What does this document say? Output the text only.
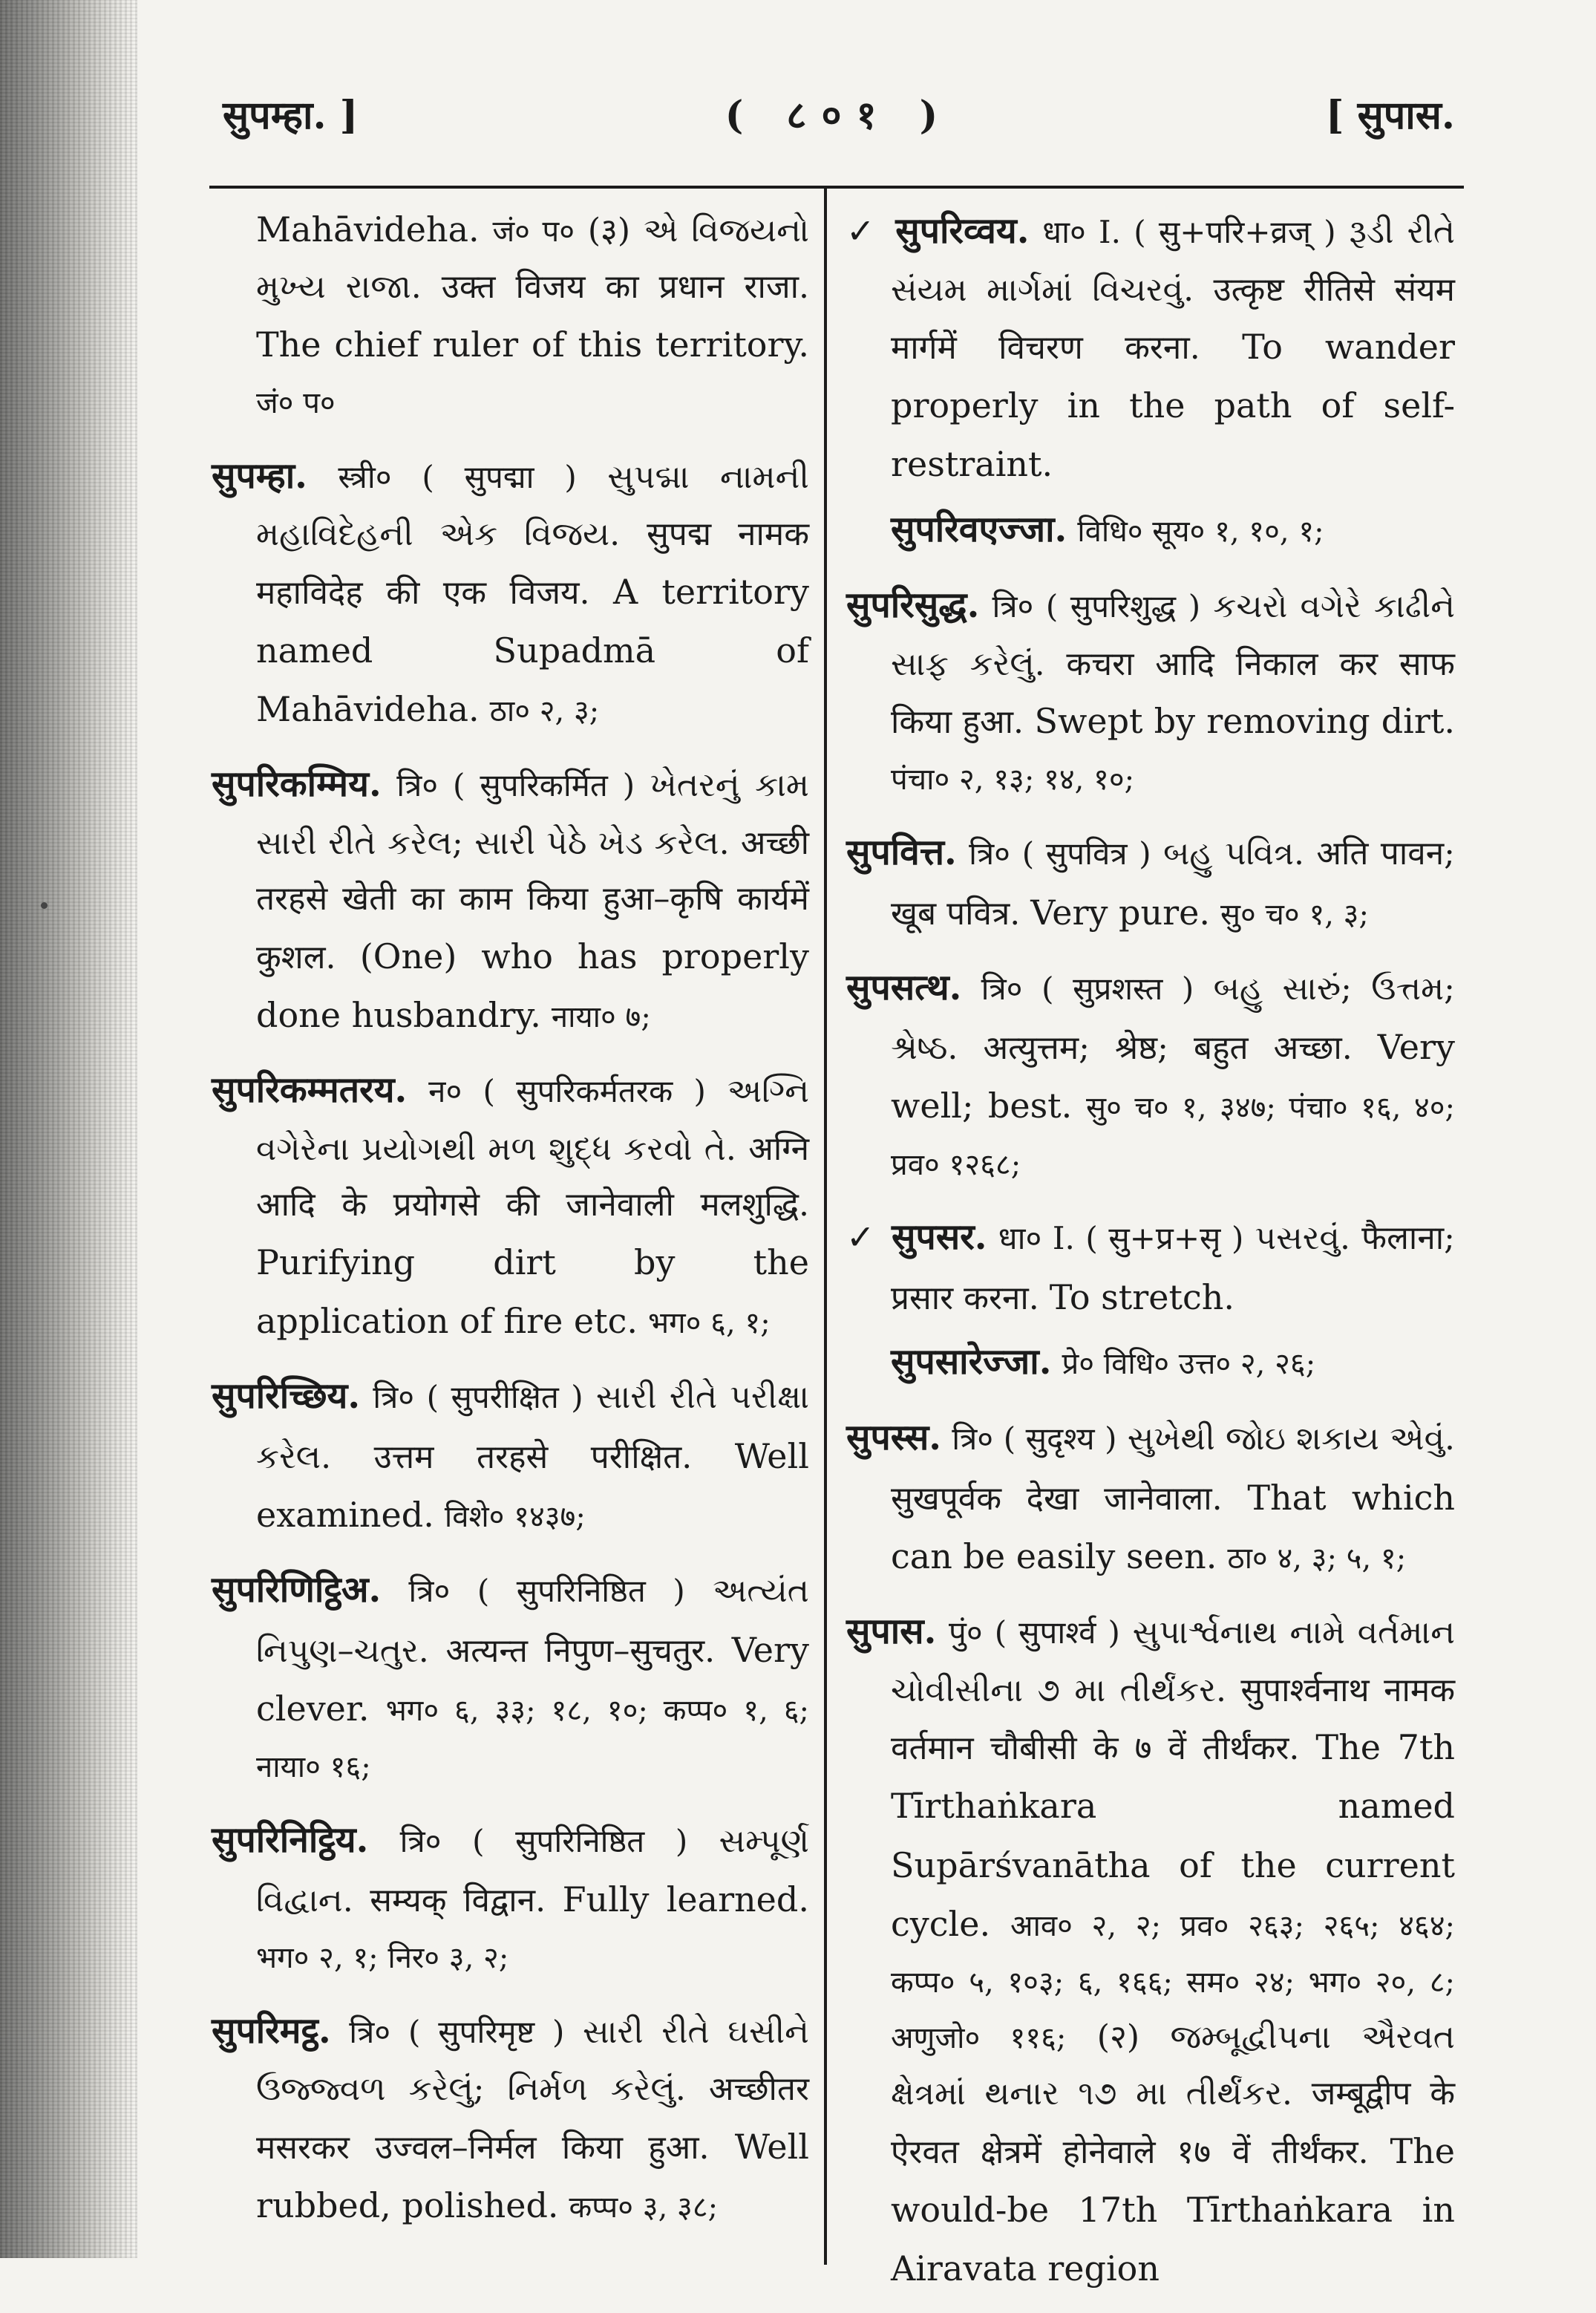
( ८०१ )
सुपम्हा. ]	[ सुपास.
Mahāvideha. जं० प० (३) એ વિજયનો મુખ્ય રાજા. उक्त विजय का प्रधान राजा. The chief ruler of this territory. जं० प०
सुपम्हा. स्त्री० ( सुपद्मा ) સુપદ્મા નામની મહાવિદેહની એક વિજય. सुपद्म नामक महाविदेह की एक विजय. A territory named Supadmā of Mahāvideha. ठा० २, ३;
सुपरिकम्मिय. त्रि० ( सुपरिकर्मित ) ખેતરનું કામ સારી રીતે કરેલ; સારી પેઠે ખેડ કરેલ. अच्छी तरहसे खेती का काम किया हुआ–कृषि कार्यमें कुशल. (One) who has properly done husbandry. नाया० ७;
सुपरिकम्मतरय. न० ( सुपरिकर्मतरक ) અગ્નિ વગેરેના પ્રયોગથી મળ શુદ્ધ કરવો તે. अग्नि आदि के प्रयोगसे की जानेवाली मलशुद्धि. Purifying dirt by the application of fire etc. भग० ६, १;
सुपरिच्छिय. त्रि० ( सुपरीक्षित ) સારી રીતે પરીક્ષા કરેલ. उत्तम तरहसे परीक्षित. Well examined. विशे० १४३७;
सुपरिणिट्ठिअ. त्रि० ( सुपरिनिष्ठित ) અત્યંત નિપુણ–ચતુર. अत्यन्त निपुण–सुचतुर. Very clever. भग० ६, ३३; १८, १०; कप्प० १, ६; नाया० १६;
सुपरिनिट्ठिय. त्रि० ( सुपरिनिष्ठित ) સમ્પૂર્ણ વિદ્વાન. सम्यक् विद्वान. Fully learned. भग० २, १; निर० ३, २;
सुपरिमट्ठ. त्रि० ( सुपरिमृष्ट ) સારી રીતે ઘસીને ઉજ્જ્વળ કરેલું; નિર્મળ કરેલું. अच्छीतर मसरकर उज्वल–निर्मल किया हुआ. Well rubbed, polished. कप्प० ३, ३८;
✓ सुपरिव्वय. धा० I. ( सु+परि+व्रज् ) રૂડી રીતે સંયમ માર્ગમાં વિચરવું. उत्कृष्ट रीतिसे संयम मार्गमें विचरण करना. To wander properly in the path of self-restraint.
सुपरिवएज्जा. विधि० सूय० १, १०, १;
सुपरिसुद्ध. त्रि० ( सुपरिशुद्ध ) કચરો વગેરે કાઢીને સાફ કરેલું. कचरा आदि निकाल कर साफ किया हुआ. Swept by removing dirt. पंचा० २, १३; १४, १०;
सुपवित्त. त्रि० ( सुपवित्र ) બહુ પવિત્ર. अति पावन; खूब पवित्र. Very pure. सु० च० १, ३;
सुपसत्थ. त्रि० ( सुप्रशस्त ) બહુ સારું; ઉત્તમ; શ્રેષ્ઠ. अत्युत्तम; श्रेष्ठ; बहुत अच्छा. Very well; best. सु० च० १, ३४७; पंचा० १६, ४०; प्रव० १२६८;
✓ सुपसर. धा० I. ( सु+प्र+सृ ) પસરવું. फैलाना; प्रसार करना. To stretch.
सुपसारेज्जा. प्रे० विधि० उत्त० २, २६;
सुपस्स. त्रि० ( सुदृश्य ) સુખેથી જોઇ શકાય એવું. सुखपूर्वक देखा जानेवाला. That which can be easily seen. ठा० ४, ३; ५, १;
सुपास. पुं० ( सुपार्श्व ) સુપાર્શ્વનાથ નામે વર્તમાન ચોવીસીના ૭ મા તીર્થંકર. सुपार्श्वनाथ नामक वर्तमान चौबीसी के ७ वें तीर्थंकर. The 7th Tīrthaṅkara named Supārśvanātha of the current cycle. आव० २, २; प्रव० २६३; २६५; ४६४; कप्प० ५, १०३; ६, १६६; सम० २४; भग० २०, ८; अणुजो० ११६; (२) જમ્બૂદ્વીપના ઐરવત ક્ષેત્રમાં થનાર ૧૭ મા તીર્થંકર. जम्बूद्वीप के ऐरवत क्षेत्रमें होनेवाले १७ वें तीर्थंकर. The would-be 17th Tīrthaṅkara in Airavata region
